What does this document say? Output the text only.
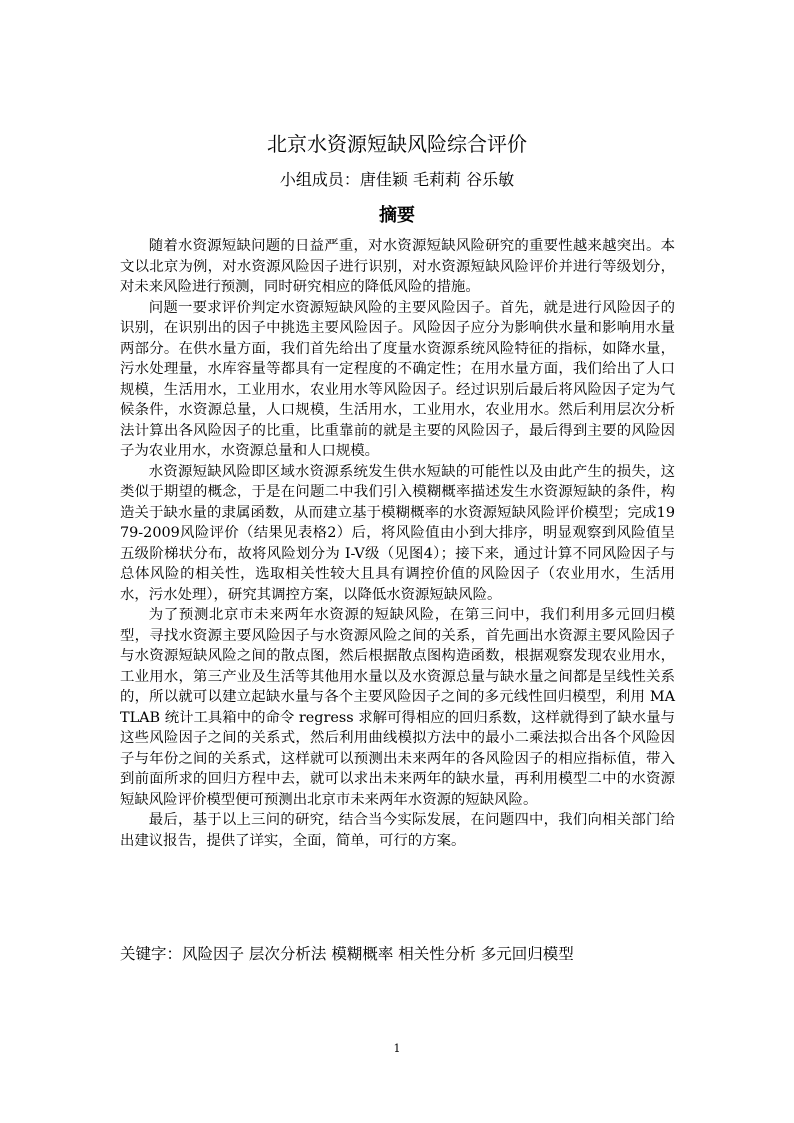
北京水资源短缺风险综合评价
小组成员：唐佳颖 毛莉莉 谷乐敏
摘要

随着水资源短缺问题的日益严重，对水资源短缺风险研究的重要性越来越突出。本文以北京为例，对水资源风险因子进行识别，对水资源短缺风险评价并进行等级划分，对未来风险进行预测，同时研究相应的降低风险的措施。

问题一要求评价判定水资源短缺风险的主要风险因子。首先，就是进行风险因子的识别，在识别出的因子中挑选主要风险因子。风险因子应分为影响供水量和影响用水量两部分。在供水量方面，我们首先给出了度量水资源系统风险特征的指标，如降水量，污水处理量，水库容量等都具有一定程度的不确定性；在用水量方面，我们给出了人口规模，生活用水，工业用水，农业用水等风险因子。经过识别后最后将风险因子定为气候条件，水资源总量，人口规模，生活用水，工业用水，农业用水。然后利用层次分析法计算出各风险因子的比重，比重靠前的就是主要的风险因子，最后得到主要的风险因子为农业用水，水资源总量和人口规模。

水资源短缺风险即区域水资源系统发生供水短缺的可能性以及由此产生的损失，这类似于期望的概念，于是在问题二中我们引入模糊概率描述发生水资源短缺的条件，构造关于缺水量的隶属函数，从而建立基于模糊概率的水资源短缺风险评价模型；完成1979-2009风险评价（结果见表格2）后，将风险值由小到大排序，明显观察到风险值呈五级阶梯状分布，故将风险划分为 I-V级（见图4）；接下来，通过计算不同风险因子与总体风险的相关性，选取相关性较大且具有调控价值的风险因子（农业用水，生活用水，污水处理），研究其调控方案，以降低水资源短缺风险。

为了预测北京市未来两年水资源的短缺风险，在第三问中，我们利用多元回归模型，寻找水资源主要风险因子与水资源风险之间的关系，首先画出水资源主要风险因子与水资源短缺风险之间的散点图，然后根据散点图构造函数，根据观察发现农业用水，工业用水，第三产业及生活等其他用水量以及水资源总量与缺水量之间都是呈线性关系的，所以就可以建立起缺水量与各个主要风险因子之间的多元线性回归模型，利用 MATLAB 统计工具箱中的命令 regress 求解可得相应的回归系数，这样就得到了缺水量与这些风险因子之间的关系式，然后利用曲线模拟方法中的最小二乘法拟合出各个风险因子与年份之间的关系式，这样就可以预测出未来两年的各风险因子的相应指标值，带入到前面所求的回归方程中去，就可以求出未来两年的缺水量，再利用模型二中的水资源短缺风险评价模型便可预测出北京市未来两年水资源的短缺风险。

最后，基于以上三问的研究，结合当今实际发展，在问题四中，我们向相关部门给出建议报告，提供了详实，全面，简单，可行的方案。

关键字：风险因子 层次分析法 模糊概率 相关性分析 多元回归模型
1
